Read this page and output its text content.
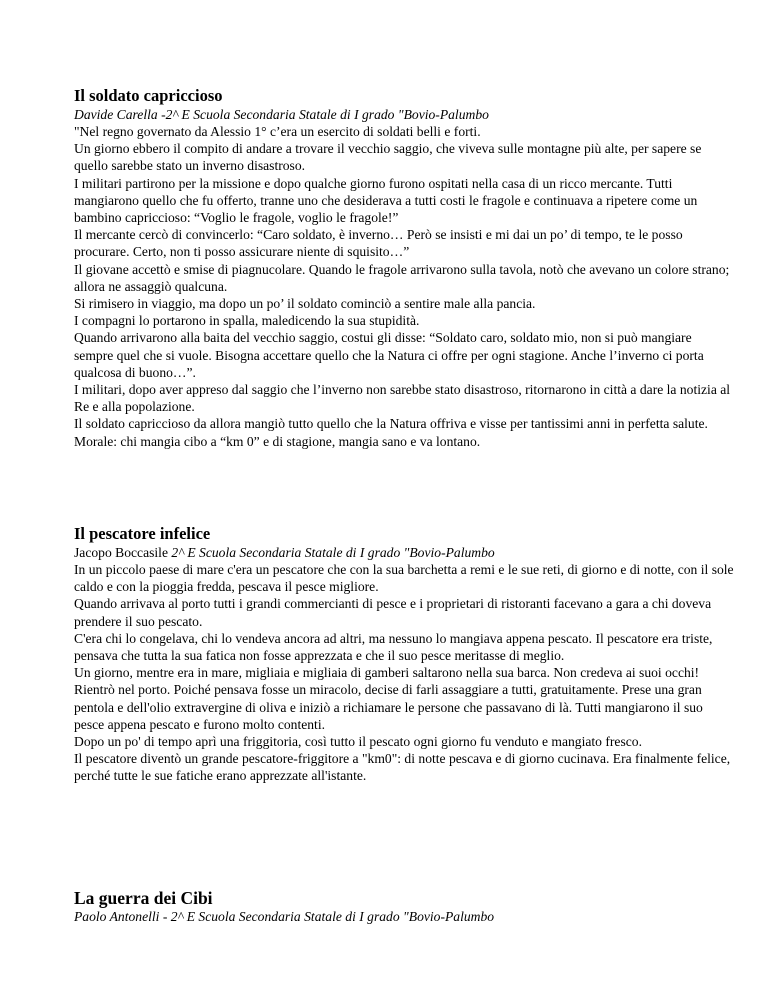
Il soldato capriccioso

Davide Carella -2^ E Scuola Secondaria Statale di I grado "Bovio-Palumbo

"Nel regno governato da Alessio 1° c’era un esercito di soldati belli e forti.

Un giorno ebbero il compito di andare a trovare il vecchio saggio, che viveva sulle montagne più alte, per sapere se quello sarebbe stato un inverno disastroso.

I militari partirono per la missione e dopo qualche giorno furono ospitati nella casa di un ricco mercante. Tutti mangiarono quello che fu offerto, tranne uno che desiderava a tutti costi le fragole e continuava a ripetere come un bambino capriccioso: “Voglio le fragole, voglio le fragole!”

Il mercante cercò di convincerlo: “Caro soldato, è inverno… Però se insisti e mi dai un po’ di tempo, te le posso procurare. Certo, non ti posso assicurare niente di squisito…”

Il giovane accettò e smise di piagnucolare. Quando le fragole arrivarono sulla tavola, notò che avevano un colore strano; allora ne assaggiò qualcuna.

Si rimisero in viaggio, ma dopo un po’ il soldato cominciò a sentire male alla pancia.

I compagni lo portarono in spalla, maledicendo la sua stupidità.

Quando arrivarono alla baita del vecchio saggio, costui gli disse: “Soldato caro, soldato mio, non si può mangiare sempre quel che si vuole. Bisogna accettare quello che la Natura ci offre per ogni stagione. Anche l’inverno ci porta qualcosa di buono…”.

I militari, dopo aver appreso dal saggio che l’inverno non sarebbe stato disastroso, ritornarono in città a dare la notizia al Re e alla popolazione.

Il soldato capriccioso da allora mangiò tutto quello che la Natura offriva e visse per tantissimi anni in perfetta salute.

Morale: chi mangia cibo a “km 0” e di stagione, mangia sano e va lontano.

Il pescatore infelice

Jacopo Boccasile 2^ E Scuola Secondaria Statale di I grado "Bovio-Palumbo

In un piccolo paese di mare c'era un pescatore che con la sua barchetta a remi e le sue reti, di giorno e di notte, con il sole caldo e con la pioggia fredda, pescava il pesce migliore.

Quando arrivava al porto tutti i grandi commercianti di pesce e i proprietari di ristoranti facevano a gara a chi doveva prendere il suo pescato.

C'era chi lo congelava, chi lo vendeva ancora ad altri, ma nessuno lo mangiava appena pescato. Il pescatore era triste, pensava che tutta la sua fatica non fosse apprezzata e che il suo pesce meritasse di meglio.

Un giorno, mentre era in mare, migliaia e migliaia di gamberi saltarono nella sua barca. Non credeva ai suoi occhi!

Rientrò nel porto. Poiché pensava fosse un miracolo, decise di farli assaggiare a tutti, gratuitamente. Prese una gran pentola e dell'olio extravergine di oliva e iniziò a richiamare le persone che passavano di là. Tutti mangiarono il suo pesce appena pescato e furono molto contenti.

Dopo un po' di tempo aprì una friggitoria, così tutto il pescato ogni giorno fu venduto e mangiato fresco.

Il pescatore diventò un grande pescatore-friggitore a "km0": di notte pescava e di giorno cucinava. Era finalmente felice, perché tutte le sue fatiche erano apprezzate all'istante.

La guerra dei Cibi

Paolo Antonelli - 2^ E Scuola Secondaria Statale di I grado "Bovio-Palumbo
